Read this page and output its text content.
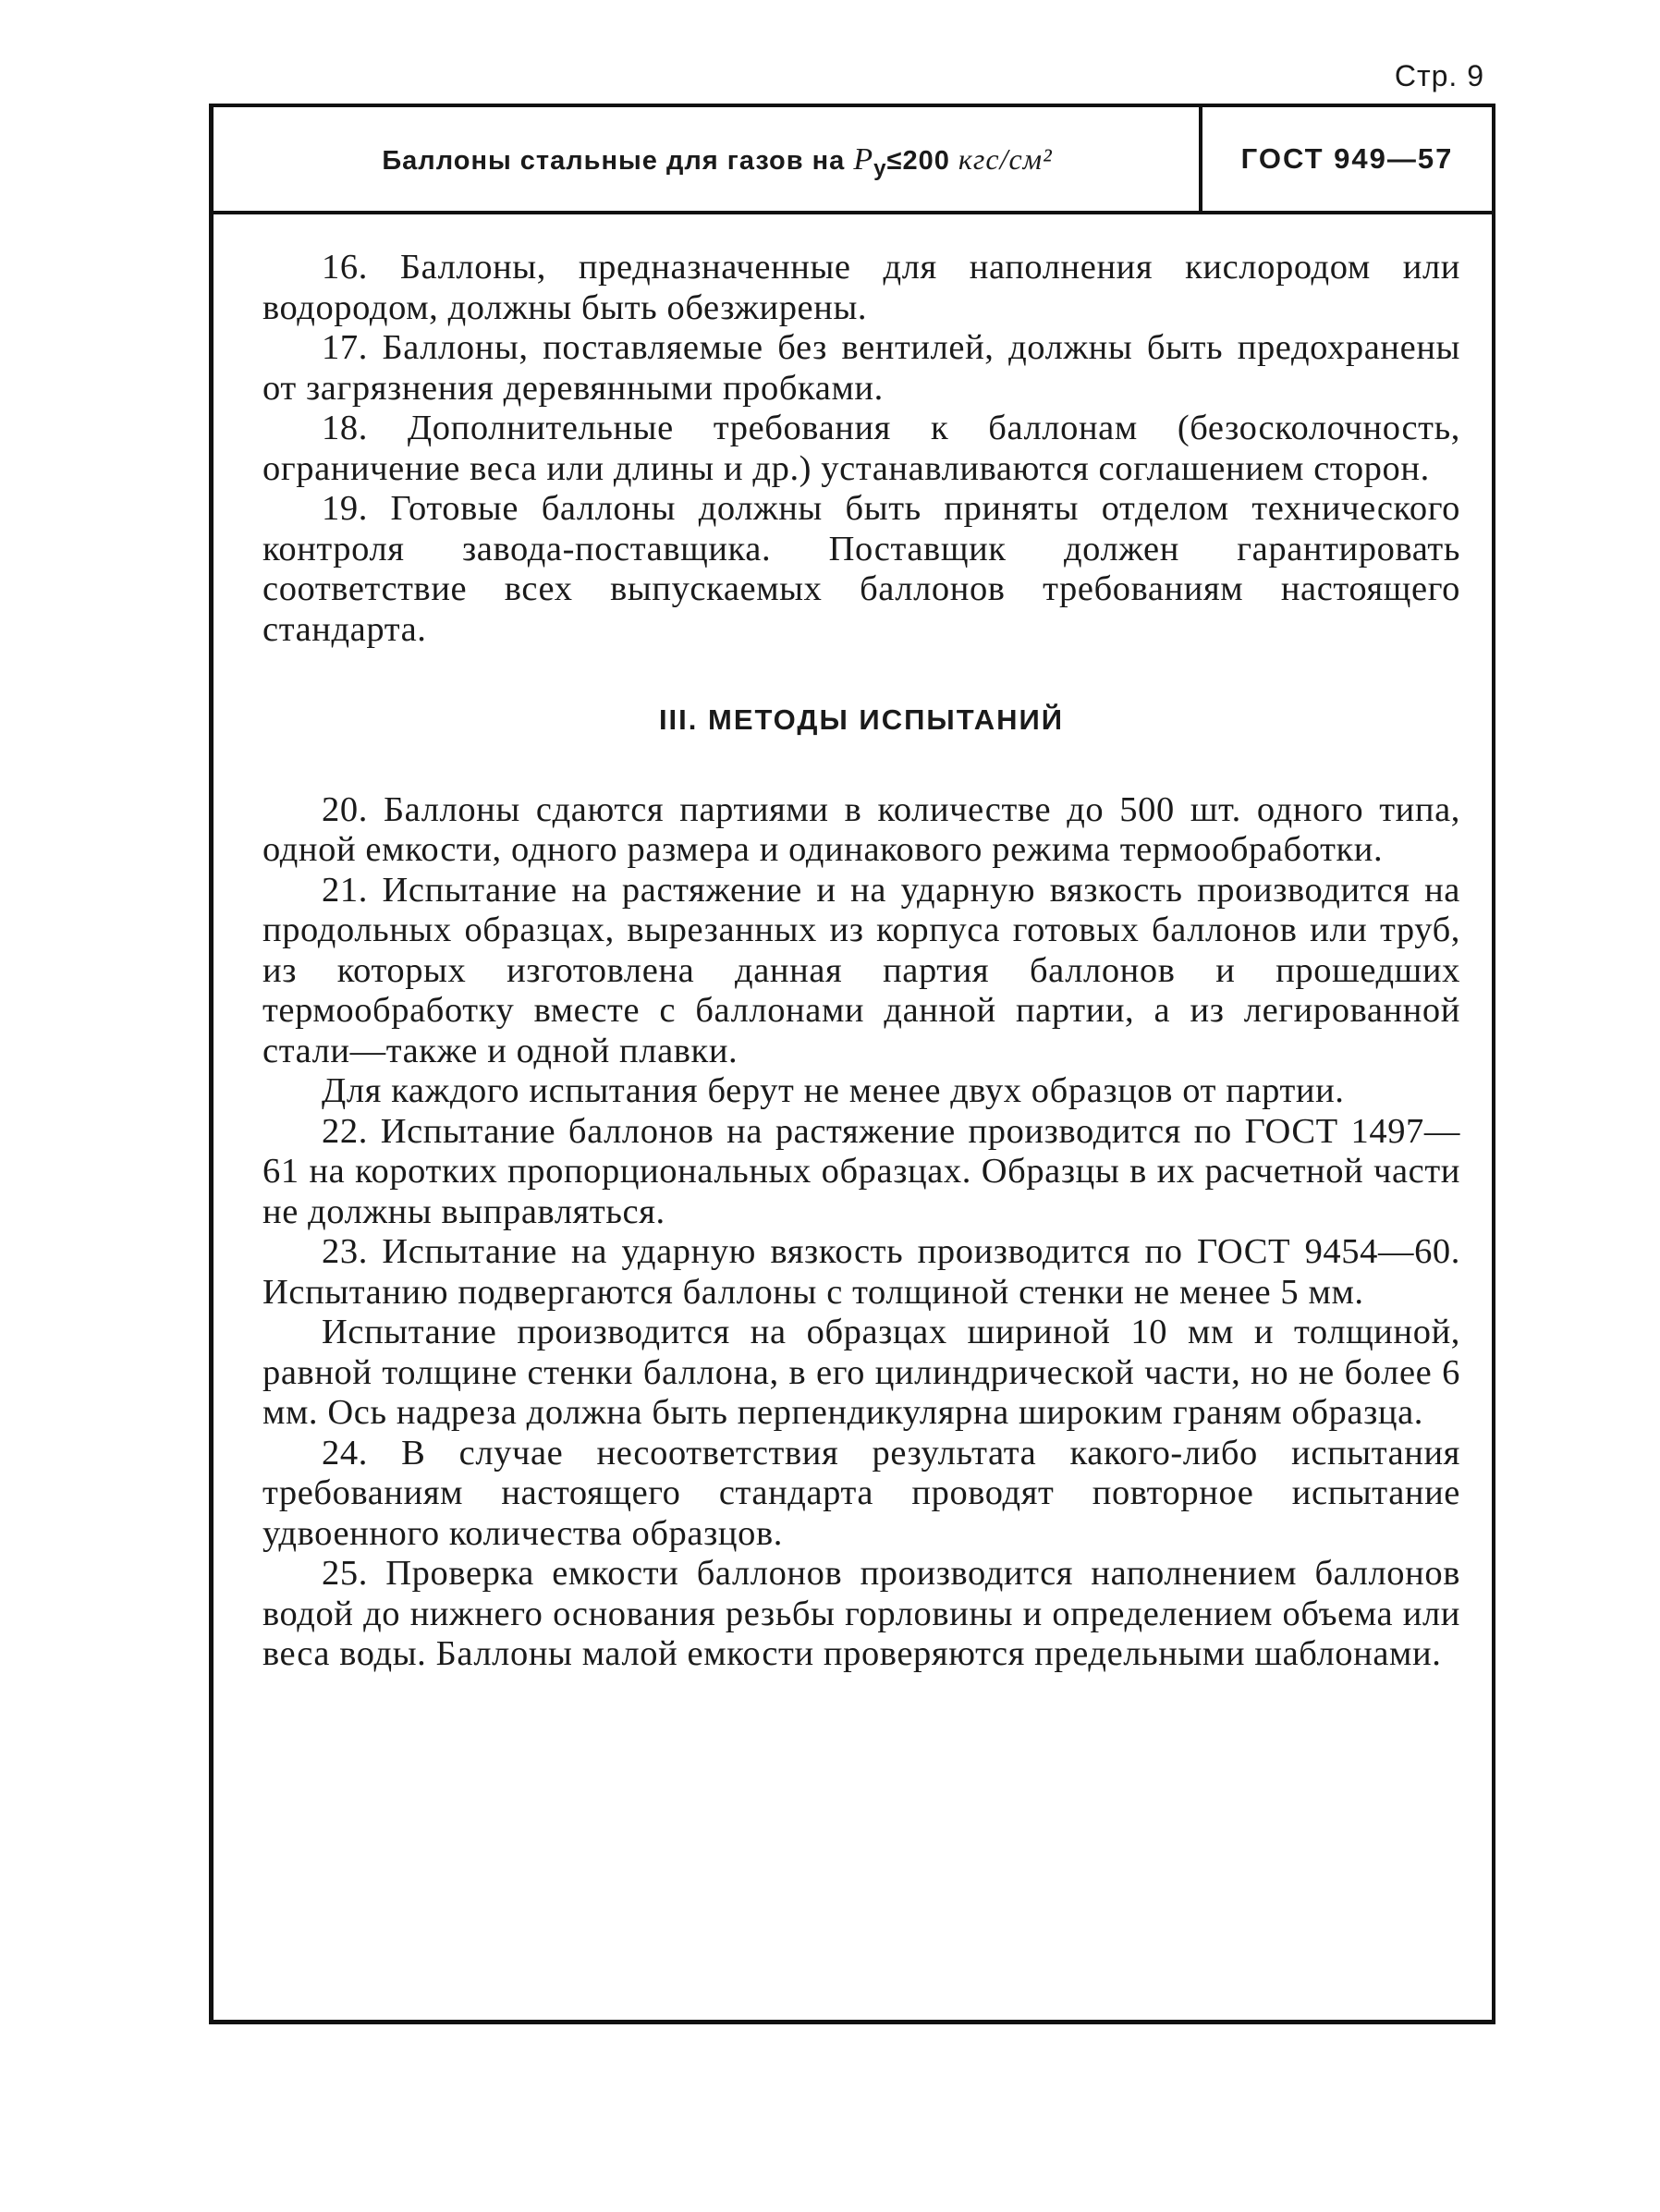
Стр. 9
Баллоны стальные для газов на $P_у\le 200$ кгс/см²	ГОСТ 949—57

16. Баллоны, предназначенные для наполнения кислородом или водородом, должны быть обезжирены.

17. Баллоны, поставляемые без вентилей, должны быть предохранены от загрязнения деревянными пробками.

18. Дополнительные требования к баллонам (безосколочность, ограничение веса или длины и др.) устанавливаются соглашением сторон.

19. Готовые баллоны должны быть приняты отделом технического контроля завода-поставщика. Поставщик должен гарантировать соответствие всех выпускаемых баллонов требованиям настоящего стандарта.

III. МЕТОДЫ ИСПЫТАНИЙ

20. Баллоны сдаются партиями в количестве до 500 шт. одного типа, одной емкости, одного размера и одинакового режима термообработки.

21. Испытание на растяжение и на ударную вязкость производится на продольных образцах, вырезанных из корпуса готовых баллонов или труб, из которых изготовлена данная партия баллонов и прошедших термообработку вместе с баллонами данной партии, а из легированной стали—также и одной плавки.

Для каждого испытания берут не менее двух образцов от партии.

22. Испытание баллонов на растяжение производится по ГОСТ 1497—61 на коротких пропорциональных образцах. Образцы в их расчетной части не должны выправляться.

23. Испытание на ударную вязкость производится по ГОСТ 9454—60. Испытанию подвергаются баллоны с толщиной стенки не менее 5 мм.

Испытание производится на образцах шириной 10 мм и толщиной, равной толщине стенки баллона, в его цилиндрической части, но не более 6 мм. Ось надреза должна быть перпендикулярна широким граням образца.

24. В случае несоответствия результата какого-либо испытания требованиям настоящего стандарта проводят повторное испытание удвоенного количества образцов.

25. Проверка емкости баллонов производится наполнением баллонов водой до нижнего основания резьбы горловины и определением объема или веса воды. Баллоны малой емкости проверяются предельными шаблонами.
